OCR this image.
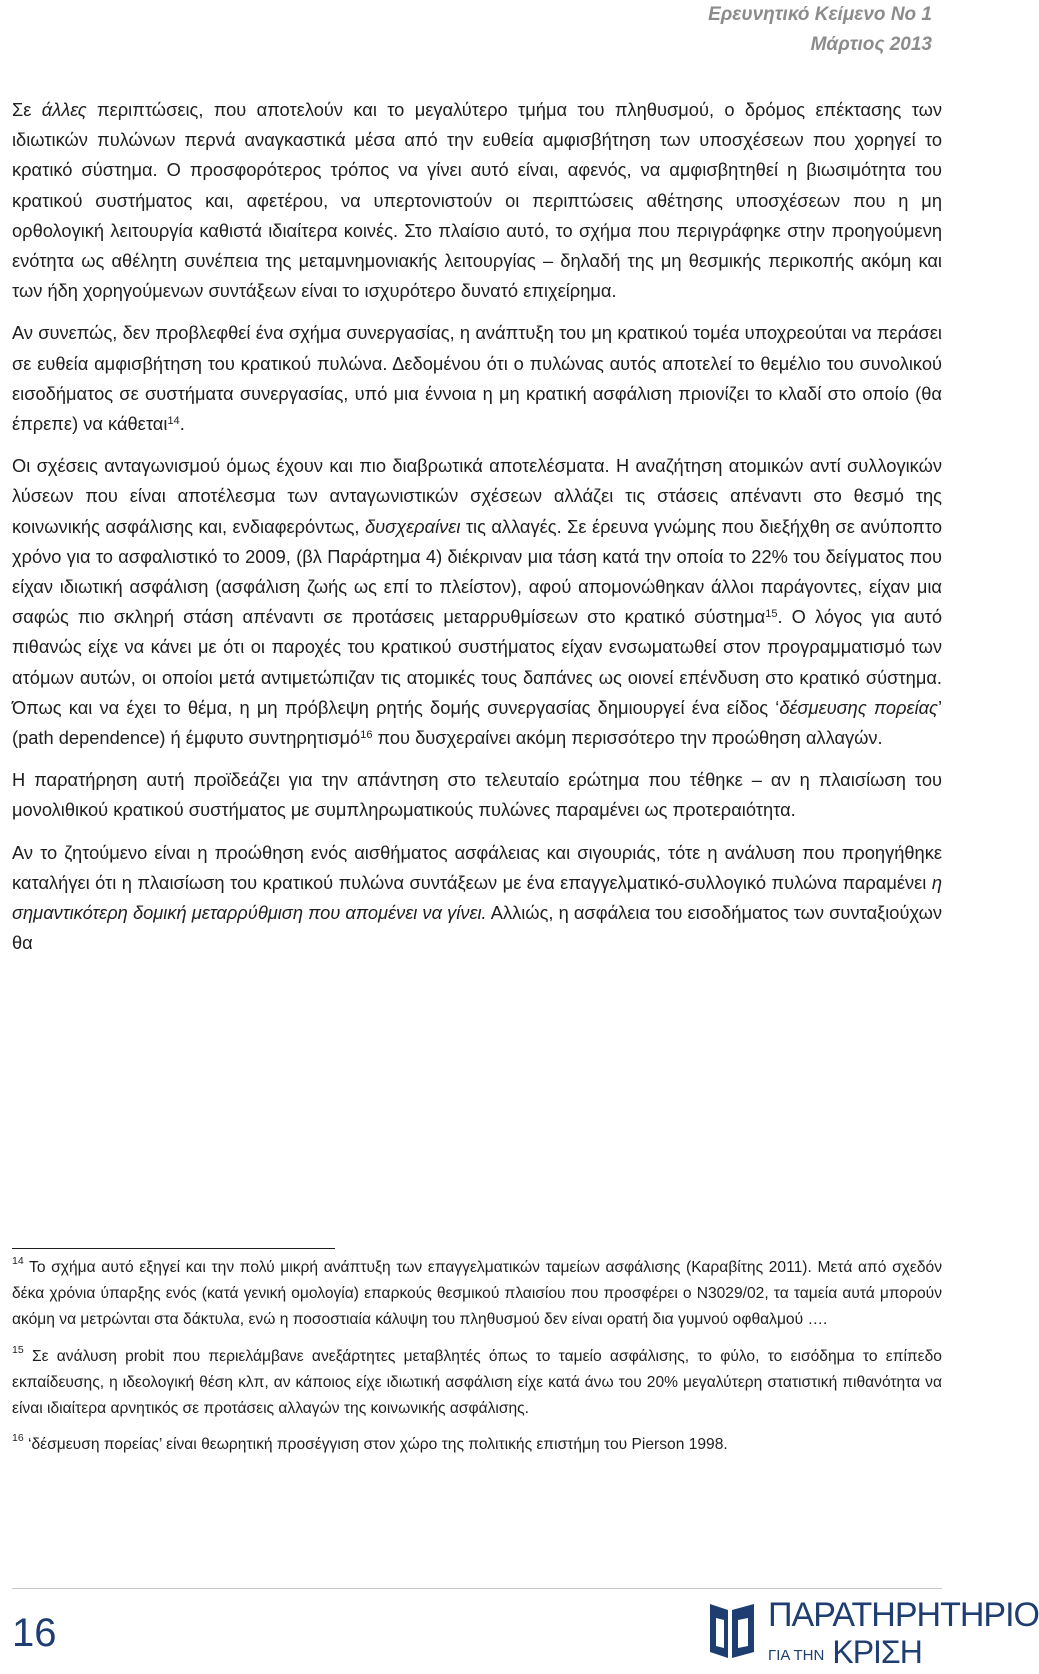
Ερευνητικό Κείμενο Νο 1
Μάρτιος 2013

Σε άλλες περιπτώσεις, που αποτελούν και το μεγαλύτερο τμήμα του πληθυσμού, ο δρόμος επέκτασης των ιδιωτικών πυλώνων περνά αναγκαστικά μέσα από την ευθεία αμφισβήτηση των υποσχέσεων που χορηγεί το κρατικό σύστημα. Ο προσφορότερος τρόπος να γίνει αυτό είναι, αφενός, να αμφισβητηθεί η βιωσιμότητα του κρατικού συστήματος και, αφετέρου, να υπερτονιστούν οι περιπτώσεις αθέτησης υποσχέσεων που η μη ορθολογική λειτουργία καθιστά ιδιαίτερα κοινές. Στο πλαίσιο αυτό, το σχήμα που περιγράφηκε στην προηγούμενη ενότητα ως αθέλητη συνέπεια της μεταμνημονιακής λειτουργίας – δηλαδή της μη θεσμικής περικοπής ακόμη και των ήδη χορηγούμενων συντάξεων είναι το ισχυρότερο δυνατό επιχείρημα.

Αν συνεπώς, δεν προβλεφθεί ένα σχήμα συνεργασίας, η ανάπτυξη του μη κρατικού τομέα υποχρεούται να περάσει σε ευθεία αμφισβήτηση του κρατικού πυλώνα. Δεδομένου ότι ο πυλώνας αυτός αποτελεί το θεμέλιο του συνολικού εισοδήματος σε συστήματα συνεργασίας, υπό μια έννοια η μη κρατική ασφάλιση πριονίζει το κλαδί στο οποίο (θα έπρεπε) να κάθεται$^{14}$.

Οι σχέσεις ανταγωνισμού όμως έχουν και πιο διαβρωτικά αποτελέσματα. Η αναζήτηση ατομικών αντί συλλογικών λύσεων που είναι αποτέλεσμα των ανταγωνιστικών σχέσεων αλλάζει τις στάσεις απέναντι στο θεσμό της κοινωνικής ασφάλισης και, ενδιαφερόντως, δυσχεραίνει τις αλλαγές. Σε έρευνα γνώμης που διεξήχθη σε ανύποπτο χρόνο για το ασφαλιστικό το 2009, (βλ Παράρτημα 4) διέκριναν μια τάση κατά την οποία το 22% του δείγματος που είχαν ιδιωτική ασφάλιση (ασφάλιση ζωής ως επί το πλείστον), αφού απομονώθηκαν άλλοι παράγοντες, είχαν μια σαφώς πιο σκληρή στάση απέναντι σε προτάσεις μεταρρυθμίσεων στο κρατικό σύστημα$^{15}$. Ο λόγος για αυτό πιθανώς είχε να κάνει με ότι οι παροχές του κρατικού συστήματος είχαν ενσωματωθεί στον προγραμματισμό των ατόμων αυτών, οι οποίοι μετά αντιμετώπιζαν τις ατομικές τους δαπάνες ως οιονεί επένδυση στο κρατικό σύστημα. Όπως και να έχει το θέμα, η μη πρόβλεψη ρητής δομής συνεργασίας δημιουργεί ένα είδος ‘δέσμευσης πορείας’ (path dependence) ή έμφυτο συντηρητισμό$^{16}$ που δυσχεραίνει ακόμη περισσότερο την προώθηση αλλαγών.

Η παρατήρηση αυτή προϊδεάζει για την απάντηση στο τελευταίο ερώτημα που τέθηκε – αν η πλαισίωση του μονολιθικού κρατικού συστήματος με συμπληρωματικούς πυλώνες παραμένει ως προτεραιότητα.

Αν το ζητούμενο είναι η προώθηση ενός αισθήματος ασφάλειας και σιγουριάς, τότε η ανάλυση που προηγήθηκε καταλήγει ότι η πλαισίωση του κρατικού πυλώνα συντάξεων με ένα επαγγελματικό-συλλογικό πυλώνα παραμένει η σημαντικότερη δομική μεταρρύθμιση που απομένει να γίνει. Αλλιώς, η ασφάλεια του εισοδήματος των συνταξιούχων θα

$^{14}$ Το σχήμα αυτό εξηγεί και την πολύ μικρή ανάπτυξη των επαγγελματικών ταμείων ασφάλισης (Καραβίτης 2011). Μετά από σχεδόν δέκα χρόνια ύπαρξης ενός (κατά γενική ομολογία) επαρκούς θεσμικού πλαισίου που προσφέρει ο Ν3029/02, τα ταμεία αυτά μπορούν ακόμη να μετρώνται στα δάκτυλα, ενώ η ποσοστιαία κάλυψη του πληθυσμού δεν είναι ορατή δια γυμνού οφθαλμού ….

$^{15}$ Σε ανάλυση probit που περιελάμβανε ανεξάρτητες μεταβλητές όπως το ταμείο ασφάλισης, το φύλο, το εισόδημα το επίπεδο εκπαίδευσης, η ιδεολογική θέση κλπ, αν κάποιος είχε ιδιωτική ασφάλιση είχε κατά άνω του 20% μεγαλύτερη στατιστική πιθανότητα να είναι ιδιαίτερα αρνητικός σε προτάσεις αλλαγών της κοινωνικής ασφάλισης.

$^{16}$ ‘δέσμευση πορείας’ είναι θεωρητική προσέγγιση στον χώρο της πολιτικής επιστήμη του Pierson 1998.

16	ΠΑΡΑΤΗΡΗΤΗΡΙΟ
ΓΙΑ ΤΗΝ ΚΡΙΣΗ
